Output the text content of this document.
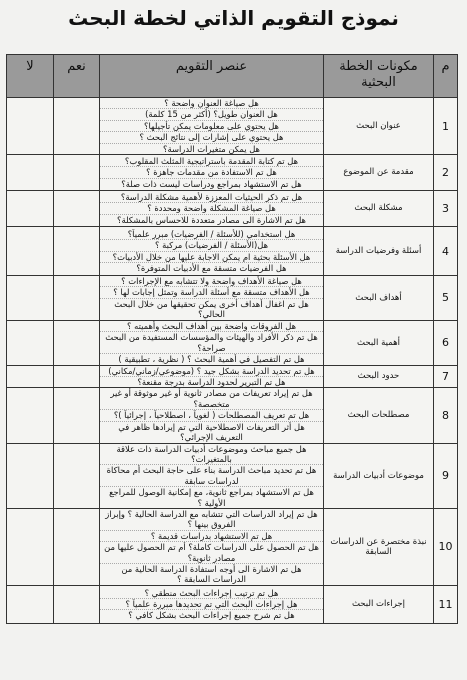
نموذج التقويم الذاتي لخطة البحث
م	مكونات الخطة البحثية	عنصر التقويم	نعم	لا
1	عنوان البحث	هل صياغة العنوان واضحة ؟
هل العنوان طويل؟ (أكثر من 15 كلمة)
هل يحتوي على معلومات يمكن تأجيلها؟
هل يحتوي على إشارات إلى نتائج البحث ؟
هل يمكن متغيرات الدراسة؟		

2	مقدمة عن الموضوع	هل تم كتابة المقدمة باستراتيجية المثلث المقلوب؟
هل تم الاستفادة من مقدمات جاهزة ؟
هل تم الاستشهاد بمراجع ودراسات ليست ذات صلة؟		

3	مشكلة البحث	هل تم ذكر الحيثيات المعززة لأهمية مشكلة الدراسة؟
هل صياغة المشكلة واضحة ومحددة ؟
هل تم الاشارة الى مصادر متعددة للاحساس بالمشكلة؟		

4	أسئلة وفرضيات الدراسة	هل استخدامي (للأسئلة / الفرضيات) مبرر علمياً؟
هل(الأسئلة / الفرضيات) مركبة ؟
هل الأسئلة بحثية ام يمكن الاجابة عليها من خلال الأدبيات؟
هل الفرضيات متسقة مع الأدبيات المتوفرة؟		

5	أهداف البحث	هل صياغة الأهداف واضحة ولا تتشابه مع الإجراءات ؟
هل الأهداف متسقة مع أسئلة الدراسة وتمثل إجابات لها ؟
هل تم اغفال أهداف أخرى يمكن تحقيقها من خلال البحث الحالي؟		

6	أهمية البحث	هل الفروقات واضحة بين أهداف البحث وأهميته ؟
هل تم ذكر الأفراد والهيئات والمؤسسات المستفيدة من البحث صراحة؟
هل تم التفصيل في أهمية البحث ؟ ( نظرية ، تطبيقية )		

7	حدود البحث	هل تم تحديد الدراسة بشكل جيد ؟ (موضوعي/زماني/مكاني)
هل تم التبرير لحدود الدراسة بدرجة مقنعة؟		

8	مصطلحات البحث	هل تم إيراد تعريفات من مصادر ثانوية أو غير موثوقة أو غير متخصصة؟
هل تم تعريف المصطلحات ( لغوياً ، اصطلاحياً ، إجرائياً )؟
هل أثر التعريفات الاصطلاحية التي تم إيرادها ظاهر في التعريف الإجرائي؟		

9	موضوعات أدبيات الدراسة	هل جميع مباحث وموضوعات أدبيات الدراسة ذات علاقة بالمتغيرات؟
هل تم تحديد مباحث الدراسة بناء على حاجة البحث أم محاكاة لدراسات سابقة
هل تم الاستشهاد بمراجع ثانوية، مع إمكانية الوصول للمراجع الأولية ؟		

10	نبذة مختصرة عن الدراسات السابقة	هل تم إيراد الدراسات التي تتشابه مع الدراسة الحالية ؟ وإبراز الفروق بينها ؟
هل تم الاستشهاد بدراسات قديمة ؟
هل تم الحصول على الدراسات كاملة؟ أم تم الحصول عليها من مصادر ثانوية؟
هل تم الاشارة الى أوجه استفادة الدراسة الحالية من الدراسات السابقة ؟		

11	إجراءات البحث	هل تم ترتيب إجراءات البحث منطقي ؟
هل إجراءات البحث التي تم تحديدها مبررة علمياً ؟
هل تم شرح جميع إجراءات البحث بشكل كافي ؟		
